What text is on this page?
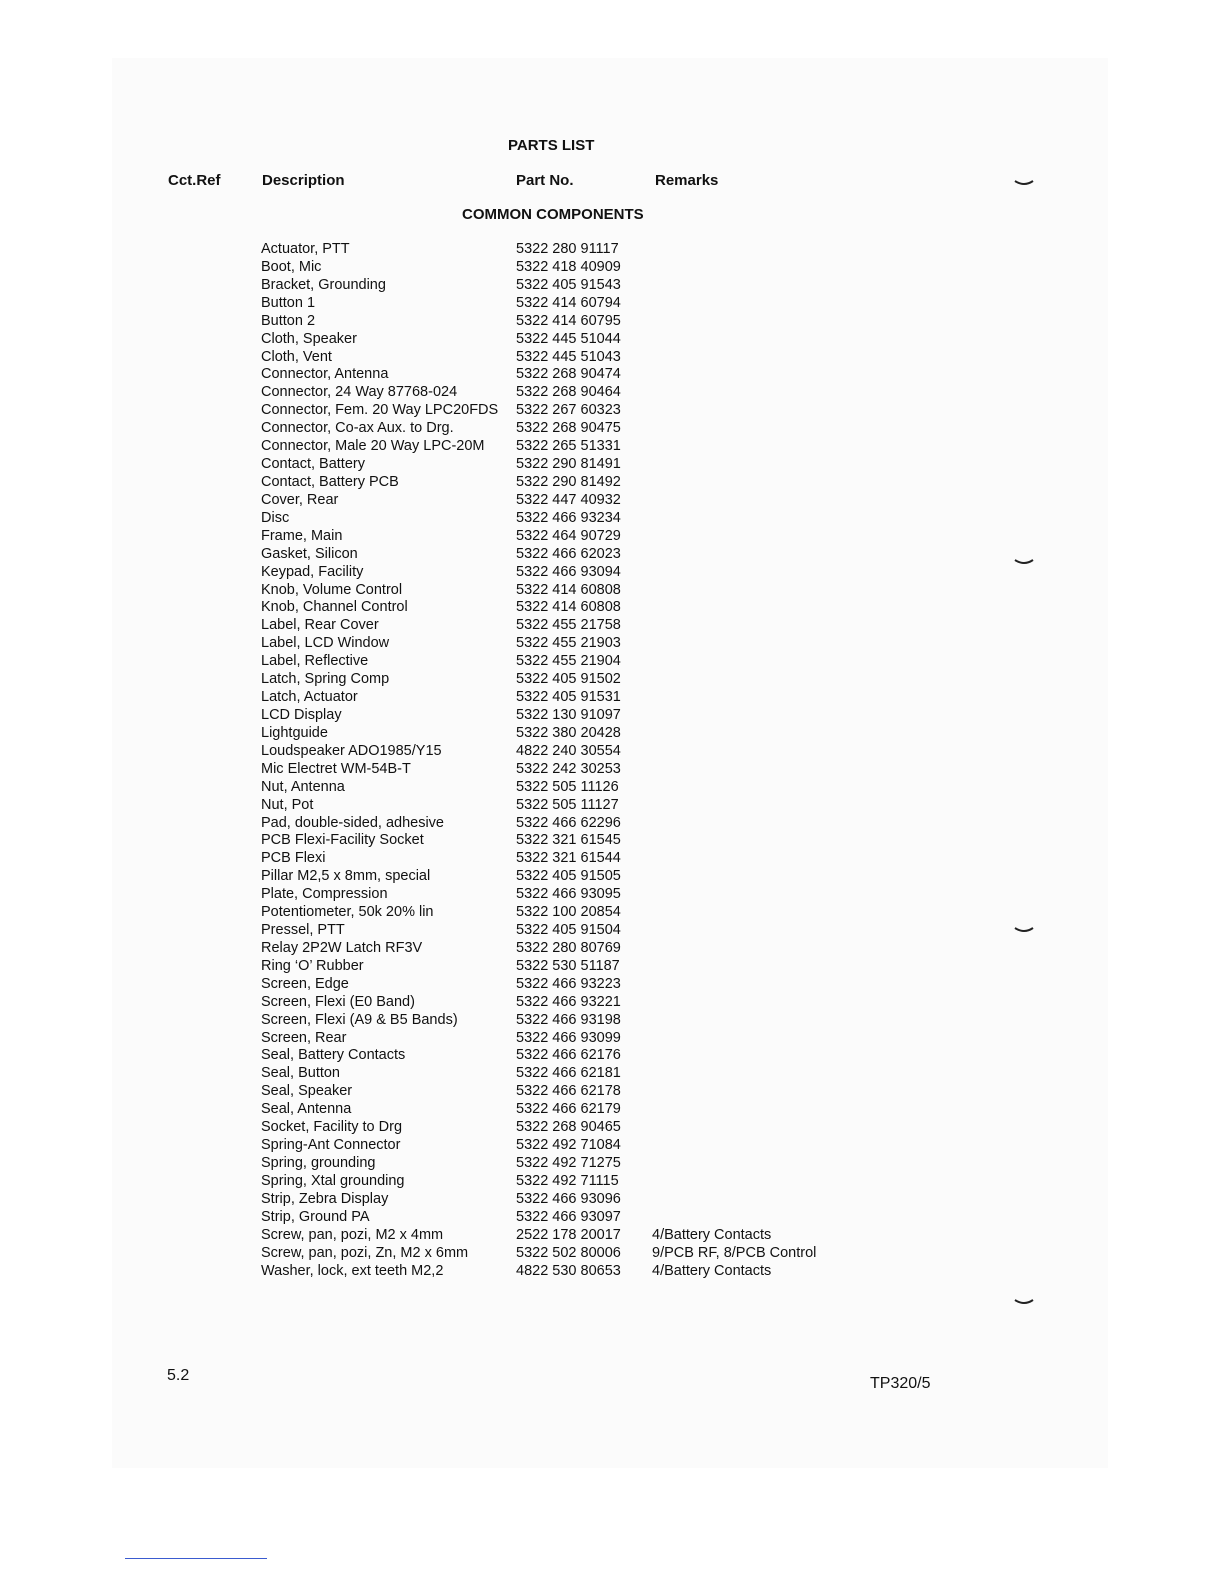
PARTS LIST
Cct.Ref	Description	Part No.	Remarks
COMMON COMPONENTS
Actuator, PTT	5322 280 91117
Boot, Mic	5322 418 40909
Bracket, Grounding	5322 405 91543
Button 1	5322 414 60794
Button 2	5322 414 60795
Cloth, Speaker	5322 445 51044
Cloth, Vent	5322 445 51043
Connector, Antenna	5322 268 90474
Connector, 24 Way 87768-024	5322 268 90464
Connector, Fem. 20 Way LPC20FDS 5322 267 60323
Connector, Co-ax Aux. to Drg.	5322 268 90475
Connector, Male 20 Way LPC-20M 5322 265 51331
Contact, Battery	5322 290 81491
Contact, Battery PCB	5322 290 81492
Cover, Rear	5322 447 40932
Disc	5322 466 93234
Frame, Main	5322 464 90729
Gasket, Silicon	5322 466 62023
Keypad, Facility	5322 466 93094
Knob, Volume Control	5322 414 60808
Knob, Channel Control	5322 414 60808
Label, Rear Cover	5322 455 21758
Label, LCD Window	5322 455 21903
Label, Reflective	5322 455 21904
Latch, Spring Comp	5322 405 91502
Latch, Actuator	5322 405 91531
LCD Display	5322 130 91097
Lightguide	5322 380 20428
Loudspeaker ADO1985/Y15	4822 240 30554
Mic Electret WM-54B-T	5322 242 30253
Nut, Antenna	5322 505 11126
Nut, Pot	5322 505 11127
Pad, double-sided, adhesive	5322 466 62296
PCB Flexi-Facility Socket	5322 321 61545
PCB Flexi	5322 321 61544
Pillar M2,5 x 8mm, special	5322 405 91505
Plate, Compression	5322 466 93095
Potentiometer, 50k 20% lin	5322 100 20854
Pressel, PTT	5322 405 91504
Relay 2P2W Latch RF3V	5322 280 80769
Ring ‘O’ Rubber	5322 530 51187
Screen, Edge	5322 466 93223
Screen, Flexi (E0 Band)	5322 466 93221
Screen, Flexi (A9 & B5 Bands)	5322 466 93198
Screen, Rear	5322 466 93099
Seal, Battery Contacts	5322 466 62176
Seal, Button	5322 466 62181
Seal, Speaker	5322 466 62178
Seal, Antenna	5322 466 62179
Socket, Facility to Drg	5322 268 90465
Spring-Ant Connector	5322 492 71084
Spring, grounding	5322 492 71275
Spring, Xtal grounding	5322 492 71115
Strip, Zebra Display	5322 466 93096
Strip, Ground PA	5322 466 93097
Screw, pan, pozi, M2 x 4mm	2522 178 20017 4/Battery Contacts
Screw, pan, pozi, Zn, M2 x 6mm	5322 502 80006 9/PCB RF, 8/PCB Control
Washer, lock, ext teeth M2,2	4822 530 80653 4/Battery Contacts
5.2	TP320/5
